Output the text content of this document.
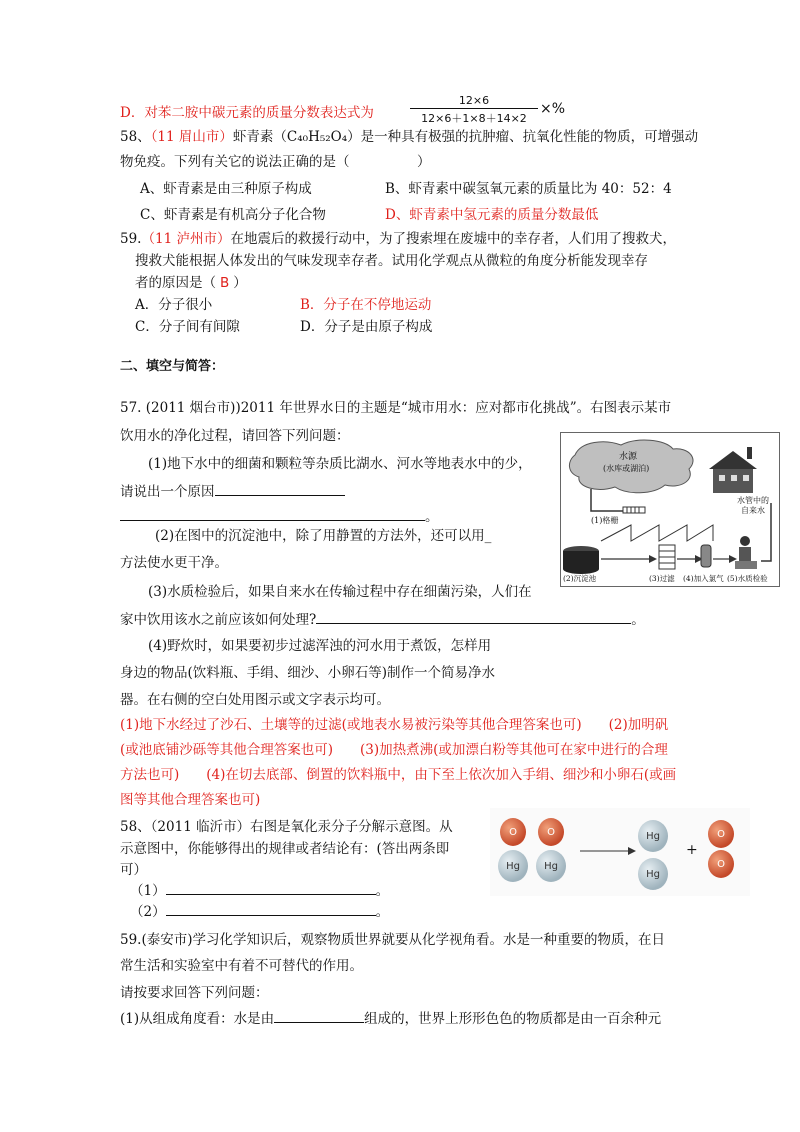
D．对苯二胺中碳元素的质量分数表达式为
12×6
12×6＋1×8＋14×2
×%
58、（11 眉山市）虾青素（C₄₀H₅₂O₄）是一种具有极强的抗肿瘤、抗氧化性能的物质，可增强动
物免疫。下列有关它的说法正确的是（　　　　　）
A、虾青素是由三种原子构成	B、虾青素中碳氢氧元素的质量比为 40：52：4
C、虾青素是有机高分子化合物	D、虾青素中氢元素的质量分数最低
59.（11 泸州市）在地震后的救援行动中，为了搜索埋在废墟中的幸存者，人们用了搜救犬，
搜救犬能根据人体发出的气味发现幸存者。试用化学观点从微粒的角度分析能发现幸存
者的原因是（ B ）
A．分子很小	B．分子在不停地运动
C．分子间有间隙	D．分子是由原子构成
二、填空与简答：
57. (2011 烟台市))2011 年世界水日的主题是“城市用水：应对都市化挑战”。右图表示某市
饮用水的净化过程，请回答下列问题：
(1)地下水中的细菌和颗粒等杂质比湖水、河水等地表水中的少，
请说出一个原因
。
(2)在图中的沉淀池中，除了用静置的方法外，还可以用_
方法使水更干净。
(3)水质检验后，如果自来水在传输过程中存在细菌污染，人们在
家中饮用该水之前应该如何处理?	。
(4)野炊时，如果要初步过滤浑浊的河水用于煮饭，怎样用
身边的物品(饮料瓶、手绢、细沙、小卵石等)制作一个简易净水
器。在右侧的空白处用图示或文字表示均可。
(1)地下水经过了沙石、土壤等的过滤(或地表水易被污染等其他合理答案也可)　　(2)加明矾(或池底铺沙砾等其他合理答案也可)　　(3)加热煮沸(或加漂白粉等其他可在家中进行的合理方法也可)　　(4)在切去底部、倒置的饮料瓶中，由下至上依次加入手绢、细沙和小卵石(或画图等其他合理答案也可)
水源
(水库或湖泊)
水管中的
自来水
(1)格栅
(2)沉淀池	(3)过滤 (4)加入氯气 (5)水质检验
58、（2011 临沂市）右图是氧化汞分子分解示意图。从
示意图中，你能够得出的规律或者结论有：(答出两条即
可）
（1）	。
（2）	。
O	O
Hg	Hg
Hg
Hg
+
O
O
59.(泰安市)学习化学知识后，观察物质世界就要从化学视角看。水是一种重要的物质，在日
常生活和实验室中有着不可替代的作用。
请按要求回答下列问题：
(1)从组成角度看：水是由	组成的，世界上形形色色的物质都是由一百余种元
